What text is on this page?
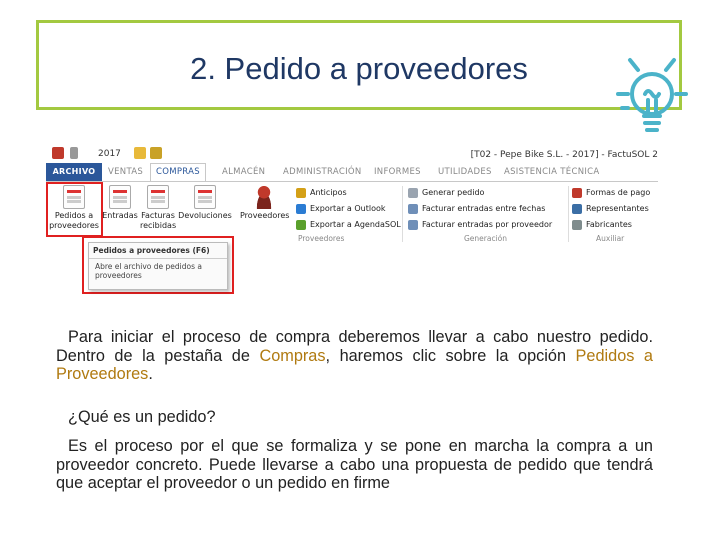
2. Pedido a proveedores
2017	[T02 - Pepe Bike S.L. - 2017] - FactuSOL 2
ARCHIVO	VENTAS	COMPRAS	ALMACÉN ADMINISTRACIÓN INFORMES UTILIDADES ASISTENCIA TÉCNICA
Pedidos a
proveedores
Entradas Facturas
recibidas
Devoluciones Proveedores
Anticipos
Exportar a Outlook
Exportar a AgendaSOL
Proveedores
Generar pedido
Facturar entradas entre fechas
Facturar entradas por proveedor
Generación
Formas de pago
Representantes
Fabricantes
Auxiliar
Pedidos a proveedores (F6)
Abre el archivo de pedidos a proveedores
Para iniciar el proceso de compra deberemos llevar a cabo nuestro pedido. Dentro de la pestaña de Compras, haremos clic sobre la opción Pedidos a Proveedores.
¿Qué es un pedido?
Es el proceso por el que se formaliza y se pone en marcha la compra a un proveedor concreto. Puede llevarse a cabo una propuesta de pedido que tendrá que aceptar el proveedor o un pedido en firme
